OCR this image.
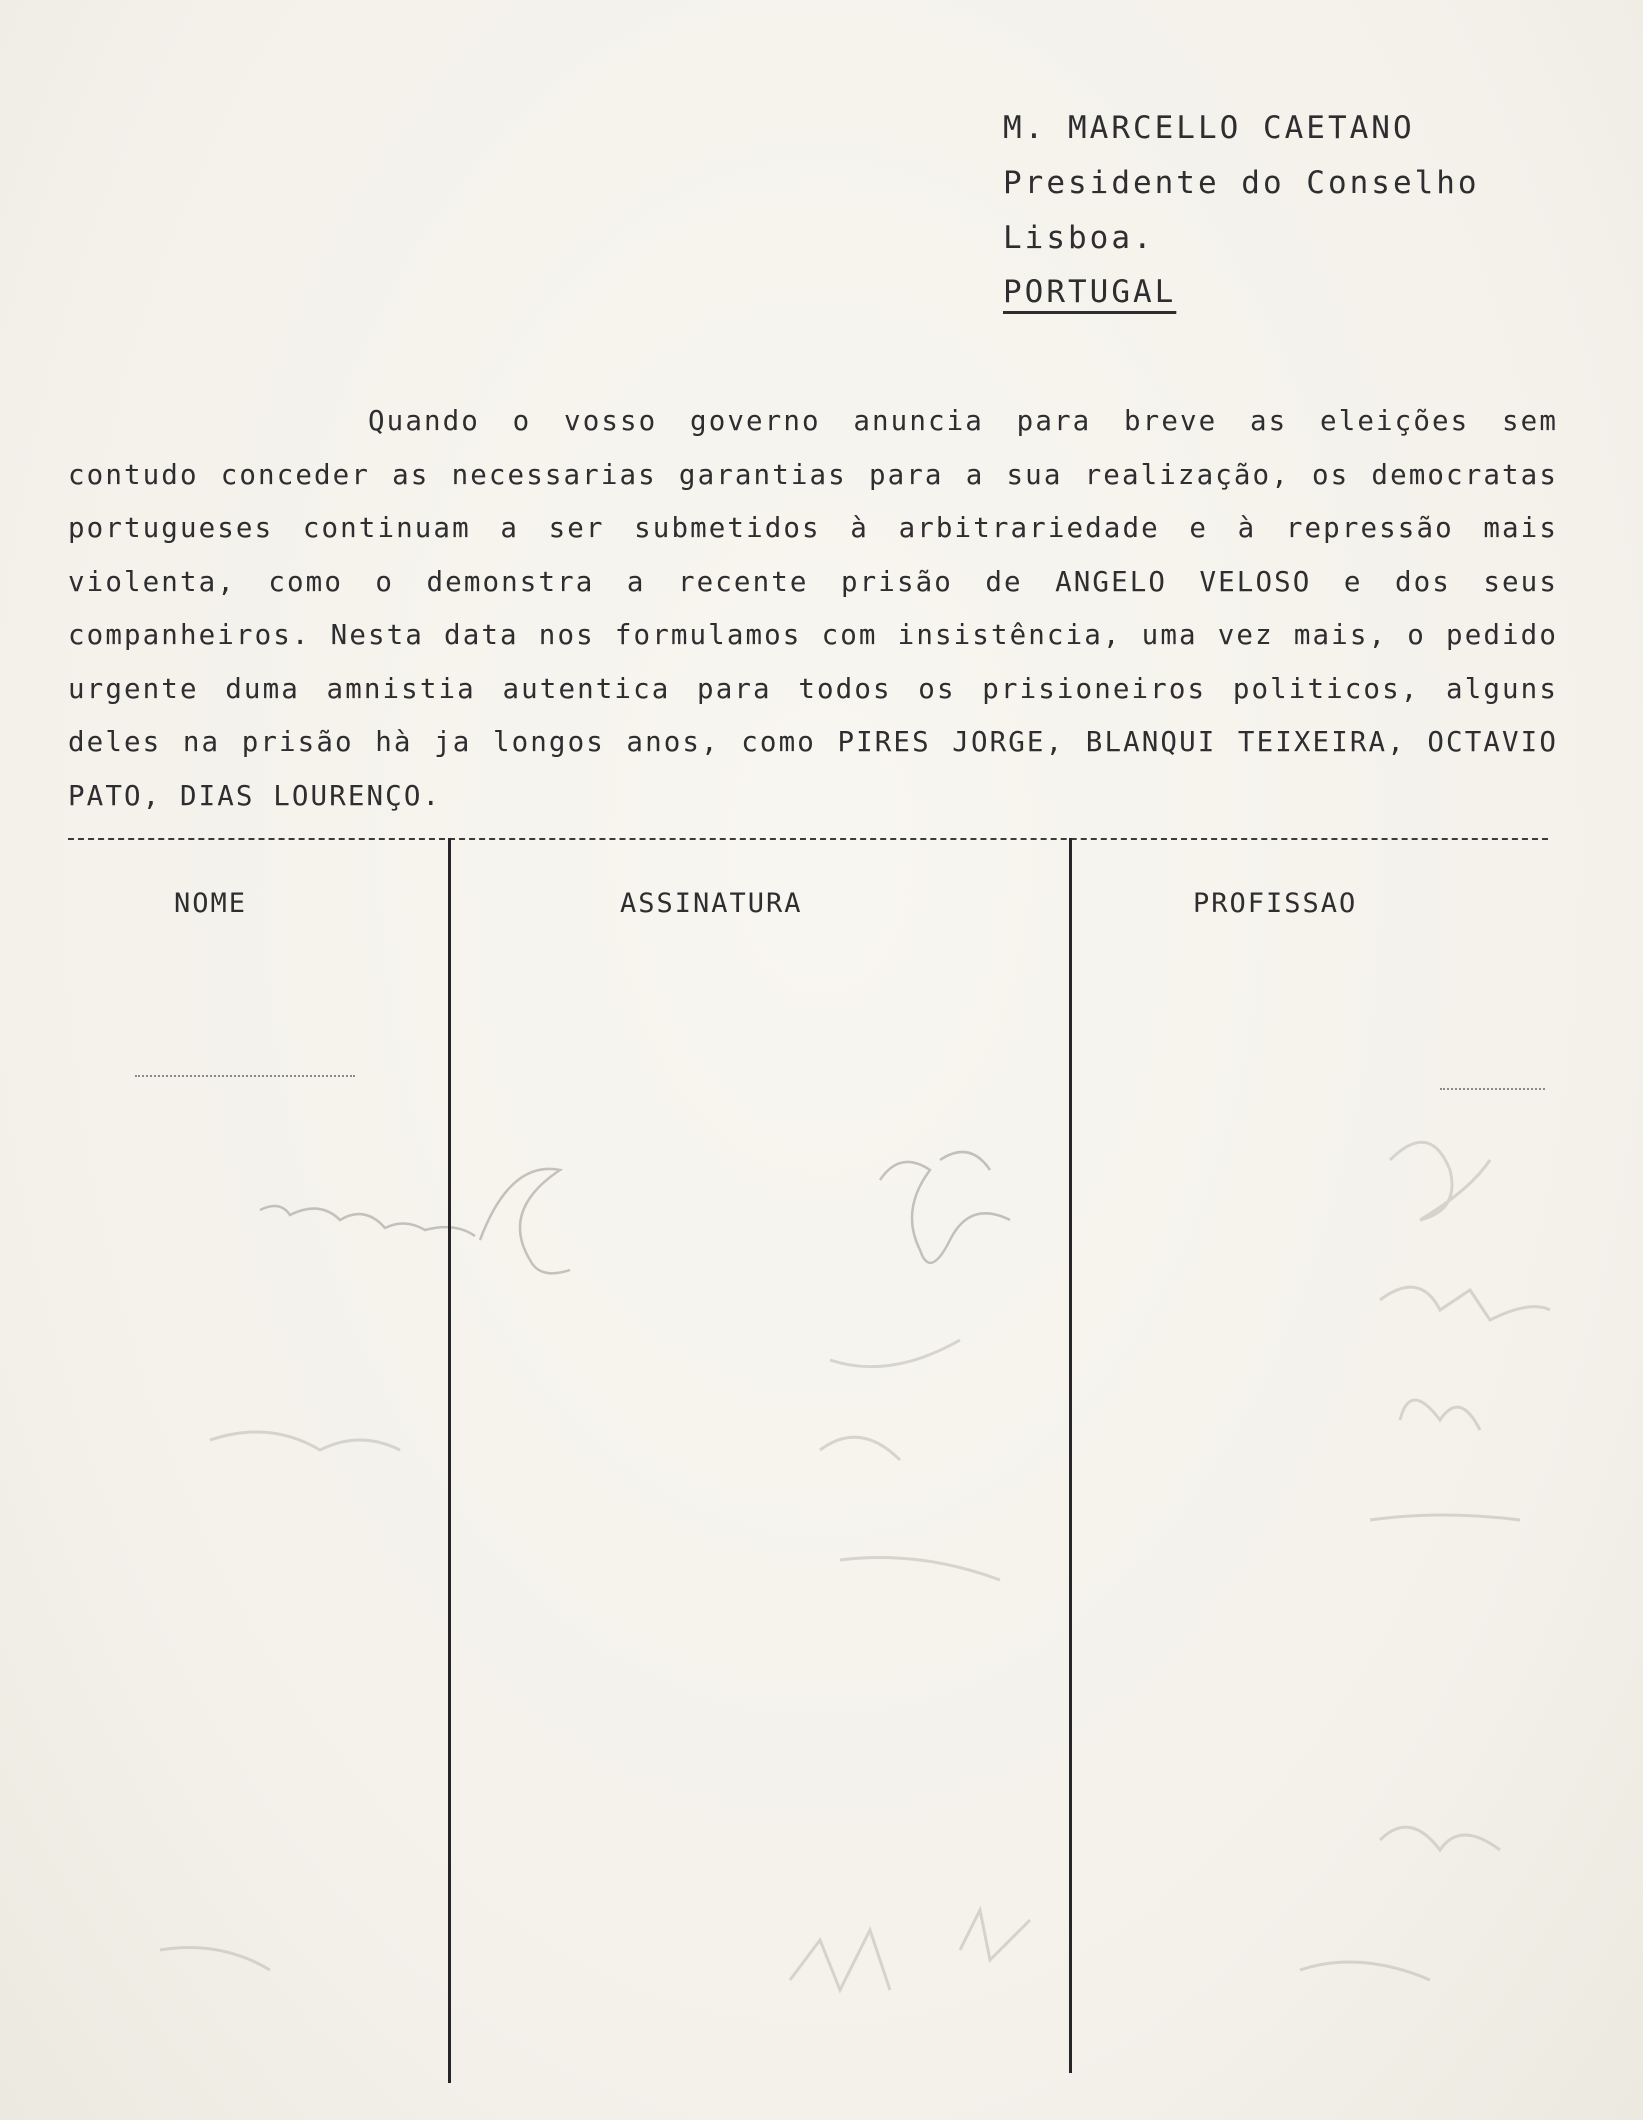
M. MARCELLO CAETANO
Presidente do Conselho
Lisboa.
PORTUGAL

Quando o vosso governo anuncia para breve as eleições sem contudo conceder as necessarias garantias para a sua realização, os democratas portugueses continuam a ser submetidos à arbitrariedade e à repressão mais violenta, como o demonstra a recente prisão de ANGELO VELOSO e dos seus companheiros. Nesta data nos formulamos com insistência, uma vez mais, o pedido urgente duma amnistia autentica para todos os prisioneiros politicos, alguns deles na prisão hà ja longos anos, como PIRES JORGE, BLANQUI TEIXEIRA, OCTAVIO PATO, DIAS LOURENÇO.

NOME	ASSINATURA	PROFISSAO
